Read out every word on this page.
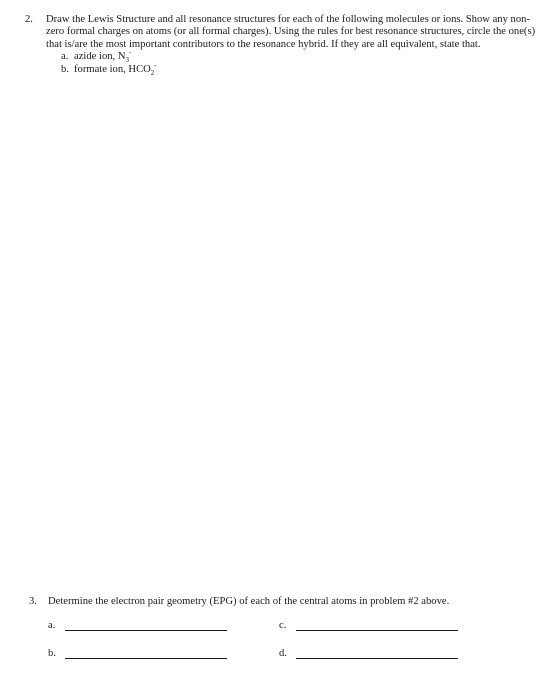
2. Draw the Lewis Structure and all resonance structures for each of the following molecules or ions. Show any non-zero formal charges on atoms (or all formal charges). Using the rules for best resonance structures, circle the one(s) that is/are the most important contributors to the resonance hybrid. If they are all equivalent, state that.
a. azide ion, $N_3^-$
b. formate ion, $HCO_2^-$
3. Determine the electron pair geometry (EPG) of each of the central atoms in problem #2 above.
a.
b.
c.
d.
